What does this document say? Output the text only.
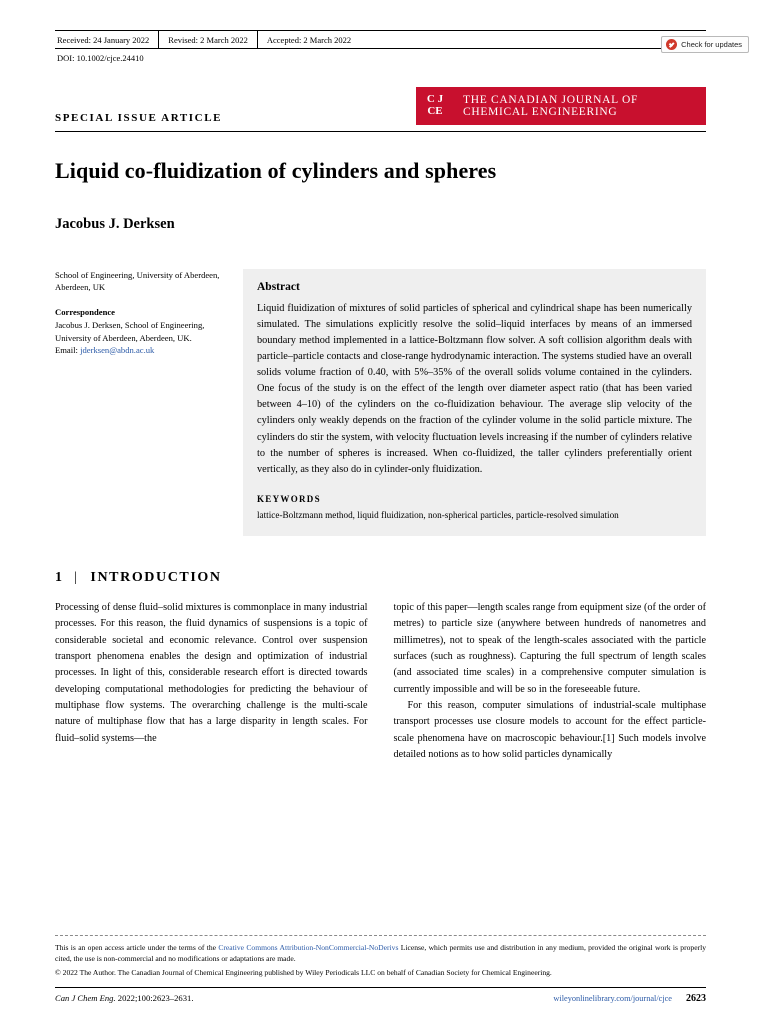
Check for updates
Received: 24 January 2022	Revised: 2 March 2022	Accepted: 2 March 2022
DOI: 10.1002/cjce.24410
SPECIAL ISSUE ARTICLE
C J
CE
THE CANADIAN JOURNAL OF
CHEMICAL ENGINEERING
Liquid co-fluidization of cylinders and spheres
Jacobus J. Derksen
School of Engineering, University of Aberdeen, Aberdeen, UK
Correspondence
Jacobus J. Derksen, School of Engineering, University of Aberdeen, Aberdeen, UK.
Email: jderksen@abdn.ac.uk
Abstract

Liquid fluidization of mixtures of solid particles of spherical and cylindrical shape has been numerically simulated. The simulations explicitly resolve the solid–liquid interfaces by means of an immersed boundary method implemented in a lattice-Boltzmann flow solver. A soft collision algorithm deals with particle–particle contacts and close-range hydrodynamic interaction. The systems studied have an overall solids volume fraction of 0.40, with 5%–35% of the overall solids volume contained in the cylinders. One focus of the study is on the effect of the length over diameter aspect ratio (that has been varied between 4–10) of the cylinders on the co-fluidization behaviour. The average slip velocity of the cylinders only weakly depends on the fraction of the cylinder volume in the solid particle mixture. The cylinders do stir the system, with velocity fluctuation levels increasing if the number of cylinders relative to the number of spheres is increased. When co-fluidized, the taller cylinders preferentially orient vertically, as they also do in cylinder-only fluidization.

KEYWORDS
lattice-Boltzmann method, liquid fluidization, non-spherical particles, particle-resolved simulation
1 | INTRODUCTION

Processing of dense fluid–solid mixtures is commonplace in many industrial processes. For this reason, the fluid dynamics of suspensions is a topic of considerable societal and economic relevance. Control over suspension transport phenomena enables the design and optimization of industrial processes. In light of this, considerable research effort is directed towards developing computational methodologies for predicting the behaviour of multiphase flow systems. The overarching challenge is the multi-scale nature of multiphase flow that has a large disparity in length scales. For fluid–solid systems—the

topic of this paper—length scales range from equipment size (of the order of metres) to particle size (anywhere between hundreds of nanometres and millimetres), not to speak of the length-scales associated with the particle surfaces (such as roughness). Capturing the full spectrum of length scales (and associated time scales) in a comprehensive computer simulation is currently impossible and will be so in the foreseeable future.

For this reason, computer simulations of industrial-scale multiphase transport processes use closure models to account for the effect particle-scale phenomena have on macroscopic behaviour.[1] Such models involve detailed notions as to how solid particles dynamically

This is an open access article under the terms of the Creative Commons Attribution-NonCommercial-NoDerivs License, which permits use and distribution in any medium, provided the original work is properly cited, the use is non-commercial and no modifications or adaptations are made.
© 2022 The Author. The Canadian Journal of Chemical Engineering published by Wiley Periodicals LLC on behalf of Canadian Society for Chemical Engineering.
Can J Chem Eng. 2022;100:2623–2631.	wileyonlinelibrary.com/journal/cjce 2623
